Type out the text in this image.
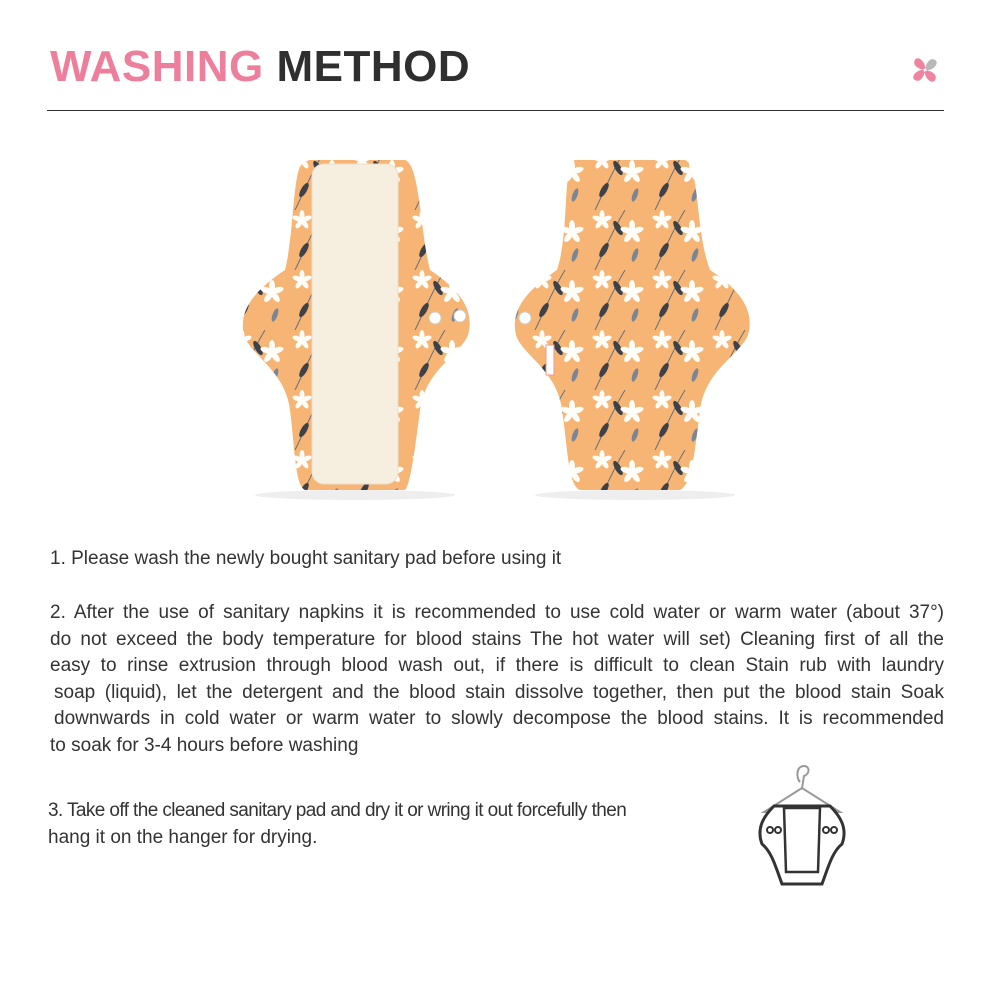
WASHING METHOD
1. Please wash the newly bought sanitary pad before using it
2. After the use of sanitary napkins it is recommended to use cold water or warm water (about 37°)
do not exceed the body temperature for blood stains The hot water will set) Cleaning first of all the
easy to rinse extrusion through blood wash out, if there is difficult to clean Stain rub with laundry
soap (liquid), let the detergent and the blood stain dissolve together, then put the blood stain Soak
downwards in cold water or warm water to slowly decompose the blood stains. It is recommended
to soak for 3-4 hours before washing
3. Take off the cleaned sanitary pad and dry it or wring it out forcefully then
hang it on the hanger for drying.
